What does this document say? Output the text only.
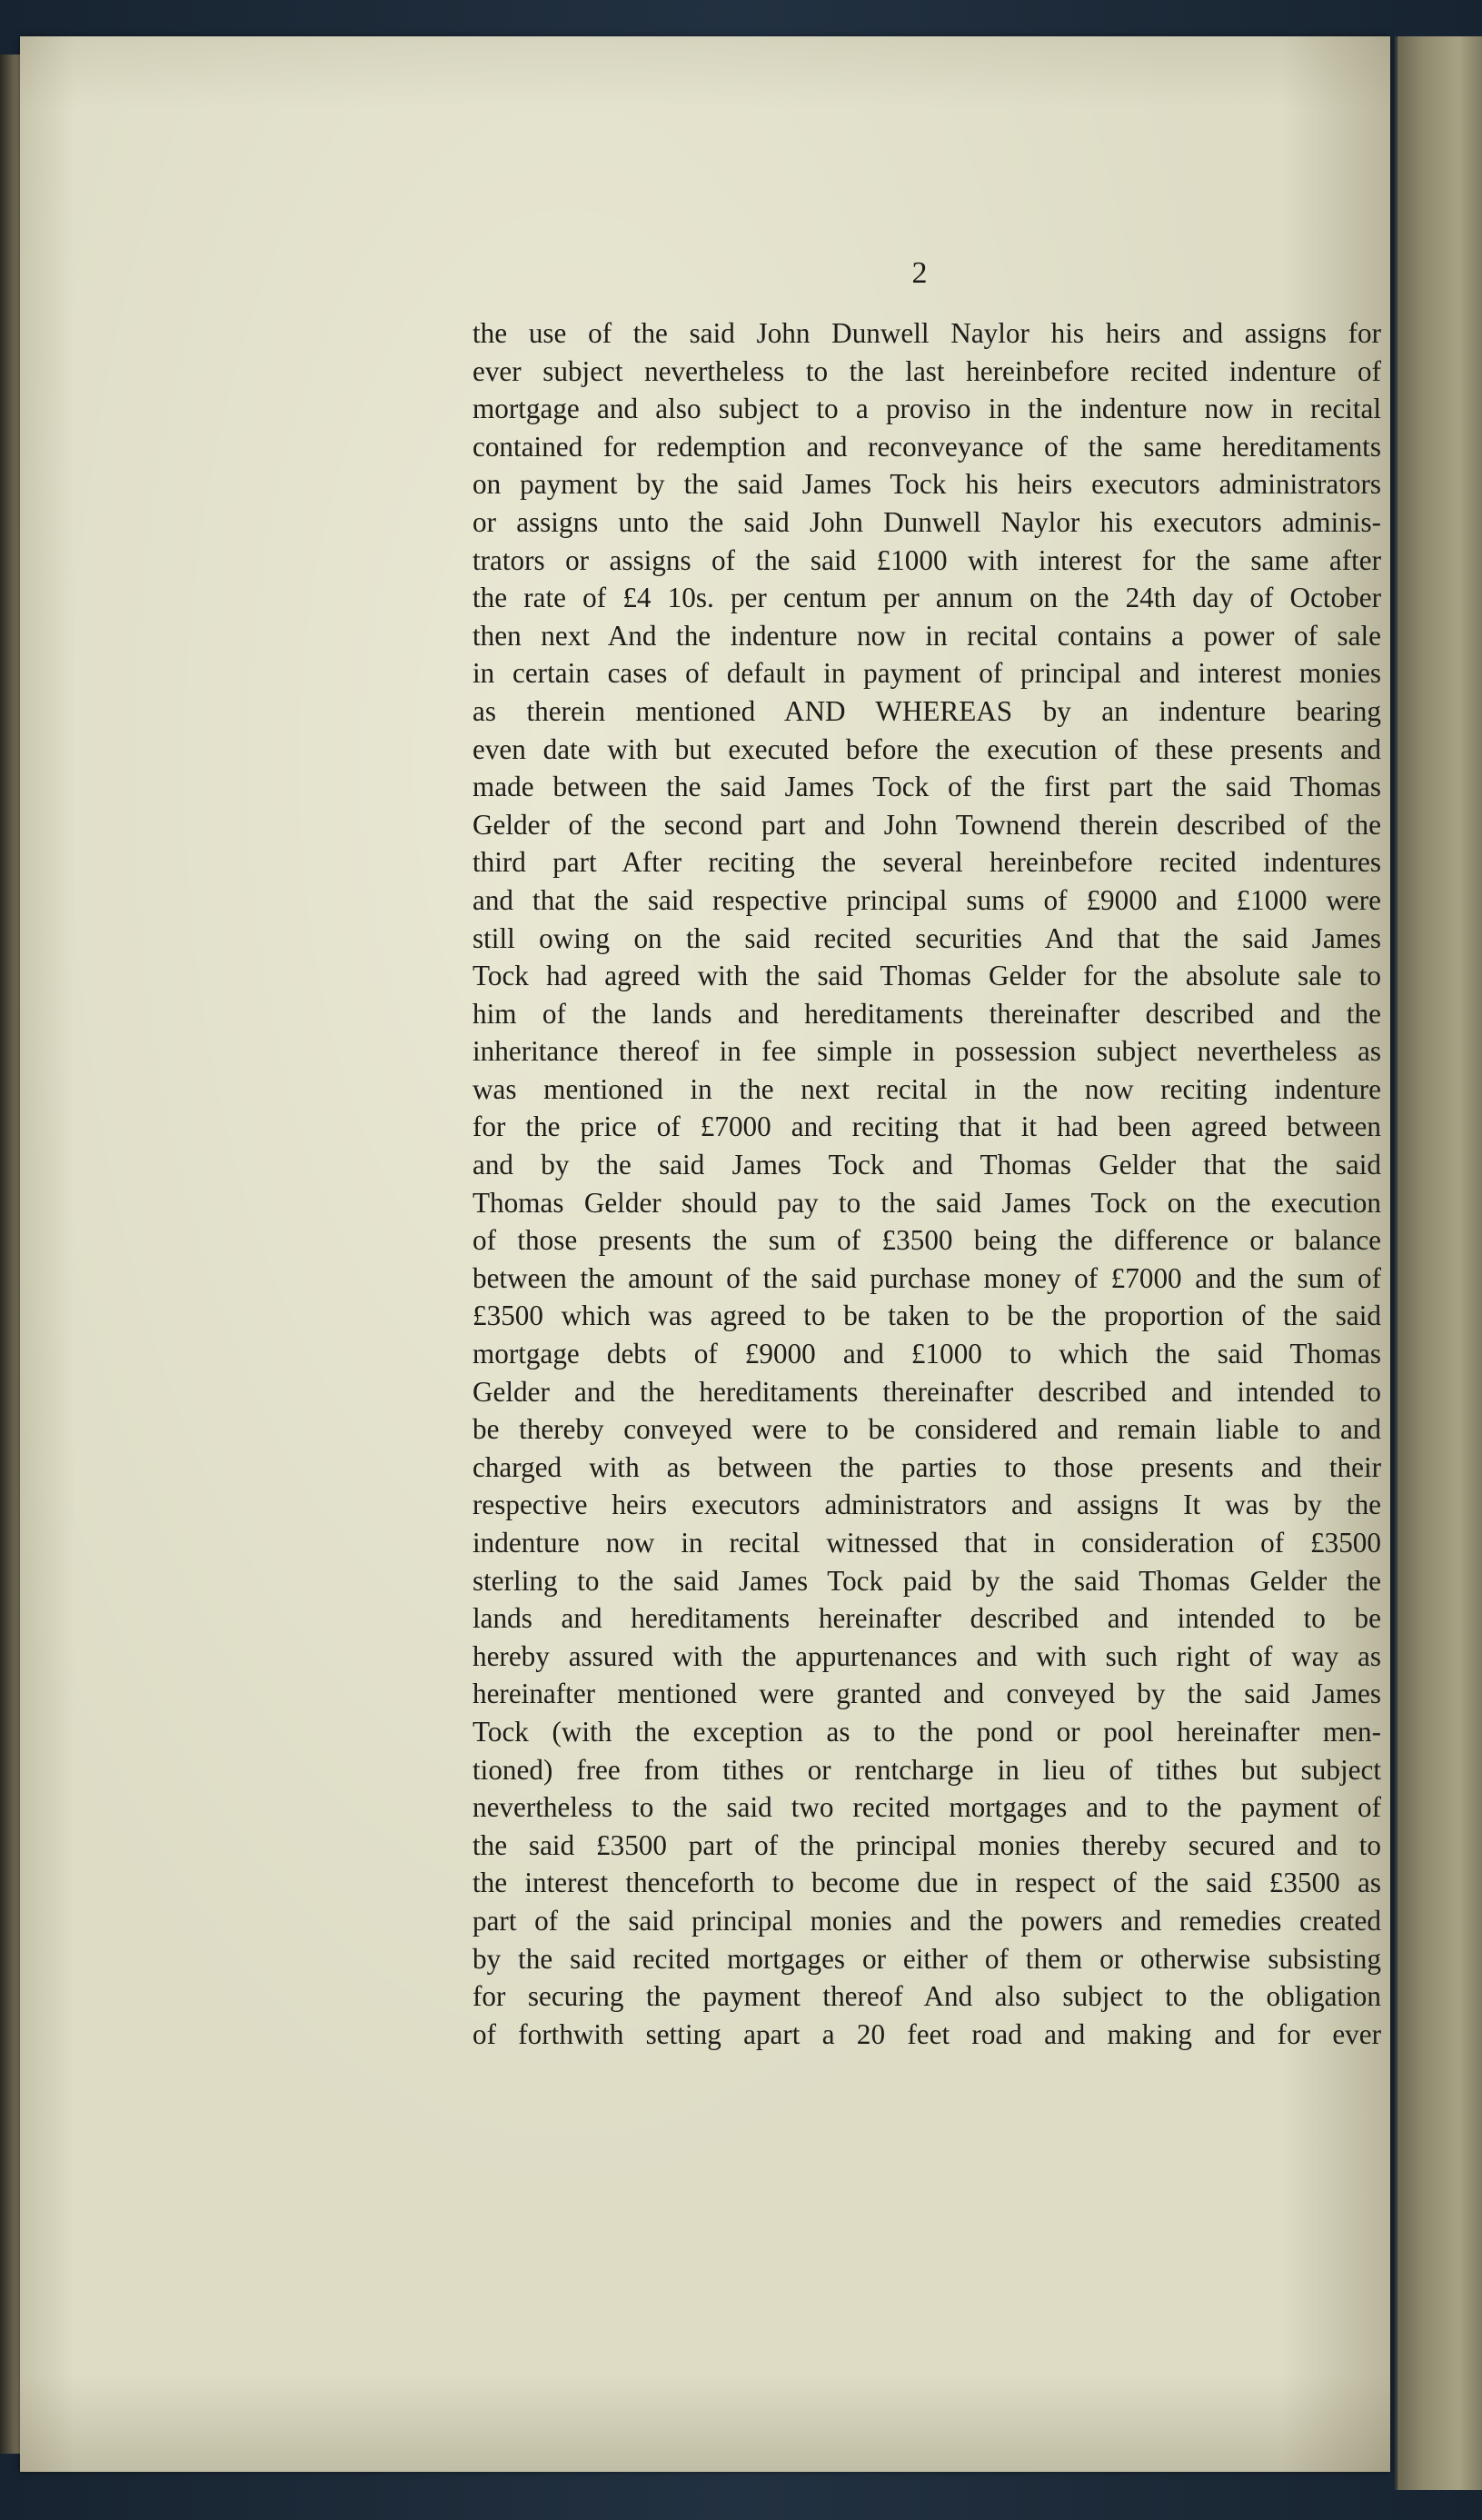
2
the use of the said John Dunwell Naylor his heirs and assigns for
ever subject nevertheless to the last hereinbefore recited indenture of
mortgage and also subject to a proviso in the indenture now in recital
contained for redemption and reconveyance of the same hereditaments
on payment by the said James Tock his heirs executors administrators
or assigns unto the said John Dunwell Naylor his executors adminis-
trators or assigns of the said £1000 with interest for the same after
the rate of £4 10s. per centum per annum on the 24th day of October
then next And the indenture now in recital contains a power of sale
in certain cases of default in payment of principal and interest monies
as therein mentioned AND WHEREAS by an indenture bearing
even date with but executed before the execution of these presents and
made between the said James Tock of the first part the said Thomas
Gelder of the second part and John Townend therein described of the
third part After reciting the several hereinbefore recited indentures
and that the said respective principal sums of £9000 and £1000 were
still owing on the said recited securities And that the said James
Tock had agreed with the said Thomas Gelder for the absolute sale to
him of the lands and hereditaments thereinafter described and the
inheritance thereof in fee simple in possession subject nevertheless as
was mentioned in the next recital in the now reciting indenture
for the price of £7000 and reciting that it had been agreed between
and by the said James Tock and Thomas Gelder that the said
Thomas Gelder should pay to the said James Tock on the execution
of those presents the sum of £3500 being the difference or balance
between the amount of the said purchase money of £7000 and the sum of
£3500 which was agreed to be taken to be the proportion of the said
mortgage debts of £9000 and £1000 to which the said Thomas
Gelder and the hereditaments thereinafter described and intended to
be thereby conveyed were to be considered and remain liable to and
charged with as between the parties to those presents and their
respective heirs executors administrators and assigns It was by the
indenture now in recital witnessed that in consideration of £3500
sterling to the said James Tock paid by the said Thomas Gelder the
lands and hereditaments hereinafter described and intended to be
hereby assured with the appurtenances and with such right of way as
hereinafter mentioned were granted and conveyed by the said James
Tock (with the exception as to the pond or pool hereinafter men-
tioned) free from tithes or rentcharge in lieu of tithes but subject
nevertheless to the said two recited mortgages and to the payment of
the said £3500 part of the principal monies thereby secured and to
the interest thenceforth to become due in respect of the said £3500 as
part of the said principal monies and the powers and remedies created
by the said recited mortgages or either of them or otherwise subsisting
for securing the payment thereof And also subject to the obligation
of forthwith setting apart a 20 feet road and making and for ever
